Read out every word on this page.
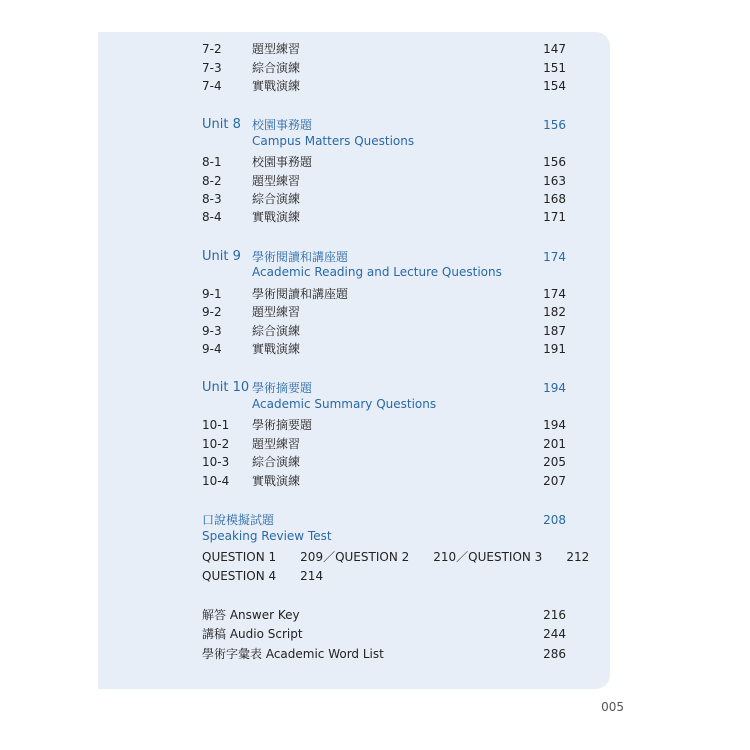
7-2	題型練習	147
7-3	綜合演練	151
7-4	實戰演練	154
Unit 8 校園事務題	156
Campus Matters Questions
8-1	校園事務題	156
8-2	題型練習	163
8-3	綜合演練	168
8-4	實戰演練	171
Unit 9 學術閱讀和講座題	174
Academic Reading and Lecture Questions
9-1	學術閱讀和講座題	174
9-2	題型練習	182
9-3	綜合演練	187
9-4	實戰演練	191
Unit 10 學術摘要題	194
Academic Summary Questions
10-1 學術摘要題	194
10-2 題型練習	201
10-3 綜合演練	205
10-4 實戰演練	207
口說模擬試題	208
Speaking Review Test
QUESTION 1　　209／QUESTION 2　　210／QUESTION 3　　212
QUESTION 4　　214
解答 Answer Key	216
講稿 Audio Script	244
學術字彙表 Academic Word List	286
005
